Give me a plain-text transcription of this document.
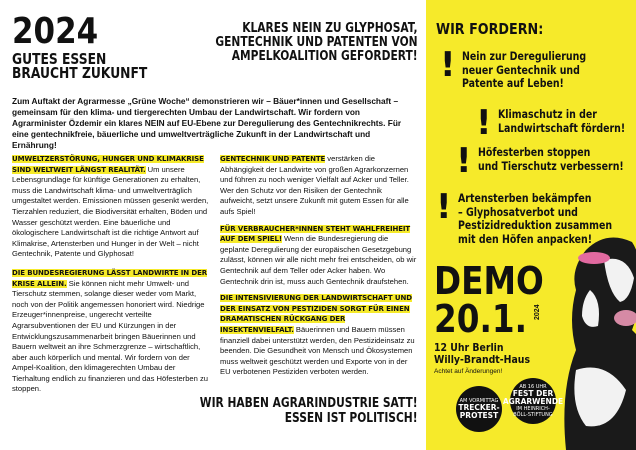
2024
GUTES ESSEN
BRAUCHT ZUKUNFT
KLARES NEIN ZU GLYPHOSAT,
GENTECHNIK UND PATENTEN VON
AMPELKOALITION GEFORDERT!
Zum Auftakt der Agrarmesse „Grüne Woche“ demonstrieren wir – Bäuer*innen und Gesellschaft – gemeinsam für den klima- und tiergerechten Umbau der Landwirtschaft. Wir fordern von Agrarminister Özdemir ein klares NEIN auf EU-Ebene zur Deregulierung des Gentechnikrechts. Für eine gentechnikfreie, bäuerliche und umweltverträgliche Zukunft in der Landwirtschaft und Ernährung!

UMWELTZERSTÖRUNG, HUNGER UND KLIMAKRISE SIND WELTWEIT LÄNGST REALITÄT. Um unsere Lebensgrundlage für künftige Generationen zu erhalten, muss die Landwirtschaft klima- und umweltverträglich umgestaltet werden. Emissionen müssen gesenkt werden, Tierzahlen reduziert, die Biodiversität erhalten, Böden und Wasser geschützt werden. Eine bäuerliche und ökologischere Landwirtschaft ist die richtige Antwort auf Klimakrise, Artensterben und Hunger in der Welt – nicht Gentechnik, Patente und Glyphosat!

DIE BUNDESREGIERUNG LÄSST LANDWIRTE IN DER KRISE ALLEIN. Sie können nicht mehr Umwelt- und Tierschutz stemmen, solange dieser weder vom Markt, noch von der Politik angemessen honoriert wird. Niedrige Erzeuger*innenpreise, ungerecht verteilte Agrarsubventionen der EU und Kürzungen in der Entwicklungszusammenarbeit bringen Bäuerinnen und Bauern weltweit an ihre Schmerzgrenze – wirtschaftlich, aber auch körperlich und mental. Wir fordern von der Ampel-Koalition, den klimagerechten Umbau der Tierhaltung endlich zu finanzieren und das Höfesterben zu stoppen.

GENTECHNIK UND PATENTE verstärken die Abhängigkeit der Landwirte von großen Agrarkonzernen und führen zu noch weniger Vielfalt auf Acker und Teller. Wer den Schutz vor den Risiken der Gentechnik aufweicht, setzt unsere Zukunft mit gutem Essen für alle aufs Spiel!

FÜR VERBRAUCHER*INNEN STEHT WAHLFREIHEIT AUF DEM SPIEL! Wenn die Bundesregierung die geplante Deregulierung der europäischen Gesetzgebung zulässt, können wir alle nicht mehr frei entscheiden, ob wir Gentechnik auf dem Teller oder Acker haben. Wo Gentechnik drin ist, muss auch Gentechnik draufstehen.

DIE INTENSIVIERUNG DER LANDWIRTSCHAFT UND DER EINSATZ VON PESTIZIDEN SORGT FÜR EINEN DRAMATISCHEN RÜCKGANG DER INSEKTENVIELFALT. Bäuerinnen und Bauern müssen finanziell dabei unterstützt werden, den Pestizideinsatz zu beenden. Die Gesundheit von Mensch und Ökosystemen muss weltweit geschützt werden und Exporte von in der EU verbotenen Pestiziden verboten werden.

WIR HABEN AGRARINDUSTRIE SATT!
ESSEN IST POLITISCH!
WIR FORDERN:
! Nein zur Deregulierung
neuer Gentechnik und
Patente auf Leben!
! Klimaschutz in der
Landwirtschaft fördern!
! Höfesterben stoppen
und Tierschutz verbessern!
! Artensterben bekämpfen
– Glyphosatverbot und
Pestizidreduktion zusammen
mit den Höfen anpacken!
DEMO
20.1. 2024
12 Uhr Berlin
Willy-Brandt-Haus
Achtet auf Änderungen!
AM VORMITTAG
TRECKER-PROTEST
AB 16 UHR
FEST DER AGRARWENDE
IM HEINRICH-BÖLL-STIFTUNG
